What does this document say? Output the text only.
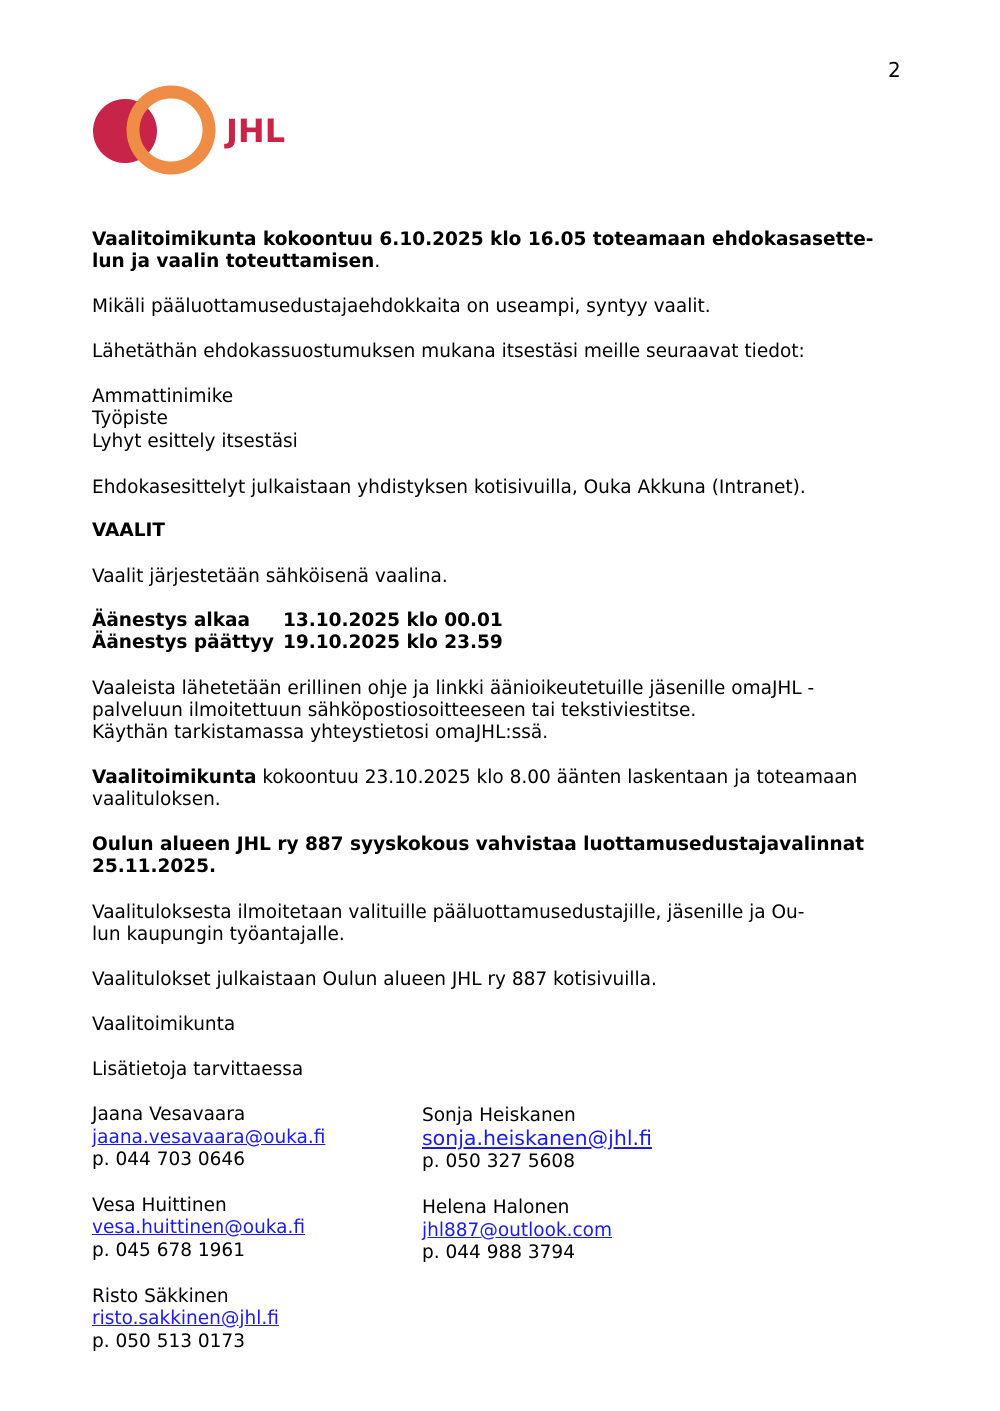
2
JHL
Vaalitoimikunta kokoontuu 6.10.2025 klo 16.05 toteamaan ehdokasasette-
lun ja vaalin toteuttamisen.
Mikäli pääluottamusedustajaehdokkaita on useampi, syntyy vaalit.
Lähetäthän ehdokassuostumuksen mukana itsestäsi meille seuraavat tiedot:
Ammattinimike
Työpiste
Lyhyt esittely itsestäsi
Ehdokasesittelyt julkaistaan yhdistyksen kotisivuilla, Ouka Akkuna (Intranet).
VAALIT
Vaalit järjestetään sähköisenä vaalina.
Äänestys alkaa 13.10.2025 klo 00.01
Äänestys päättyy 19.10.2025 klo 23.59
Vaaleista lähetetään erillinen ohje ja linkki äänioikeutetuille jäsenille omaJHL -
palveluun ilmoitettuun sähköpostiosoitteeseen tai tekstiviestitse.
Käythän tarkistamassa yhteystietosi omaJHL:ssä.
Vaalitoimikunta kokoontuu 23.10.2025 klo 8.00 äänten laskentaan ja toteamaan
vaalituloksen.
Oulun alueen JHL ry 887 syyskokous vahvistaa luottamusedustajavalinnat
25.11.2025.
Vaalituloksesta ilmoitetaan valituille pääluottamusedustajille, jäsenille ja Ou-
lun kaupungin työantajalle.
Vaalitulokset julkaistaan Oulun alueen JHL ry 887 kotisivuilla.
Vaalitoimikunta
Lisätietoja tarvittaessa
Jaana Vesavaara
jaana.vesavaara@ouka.fi
p. 044 703 0646
Vesa Huittinen
vesa.huittinen@ouka.fi
p. 045 678 1961
Risto Säkkinen
risto.sakkinen@jhl.fi
p. 050 513 0173
Sonja Heiskanen
sonja.heiskanen@jhl.fi
p. 050 327 5608
Helena Halonen
jhl887@outlook.com
p. 044 988 3794
